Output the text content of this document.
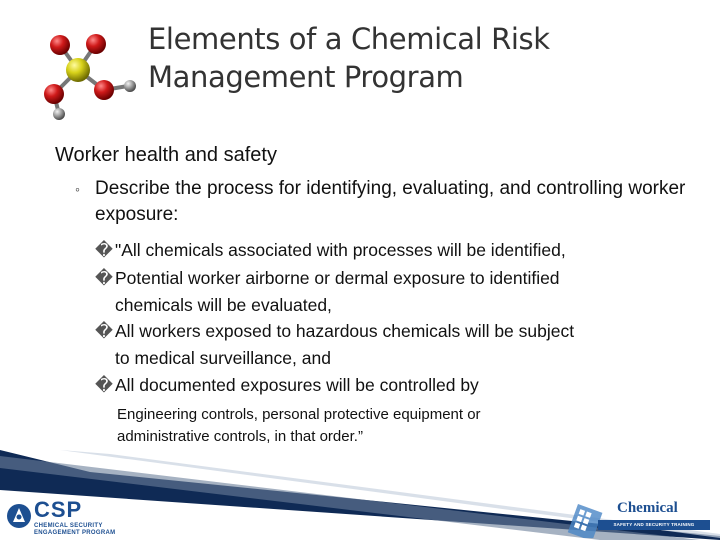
Elements of a Chemical Risk
Management Program
Worker health and safety
◦ Describe the process for identifying, evaluating, and controlling worker exposure:
� "All chemicals associated with processes will be identified,
� Potential worker airborne or dermal exposure to identified
chemicals will be evaluated,
� All workers exposed to hazardous chemicals will be subject
to medical surveillance, and
� All documented exposures will be controlled by
Engineering controls, personal protective equipment or
administrative controls, in that order.”
CSP
CHEMICAL SECURITY
ENGAGEMENT PROGRAM
Chemical
SAFETY AND SECURITY TRAINING
